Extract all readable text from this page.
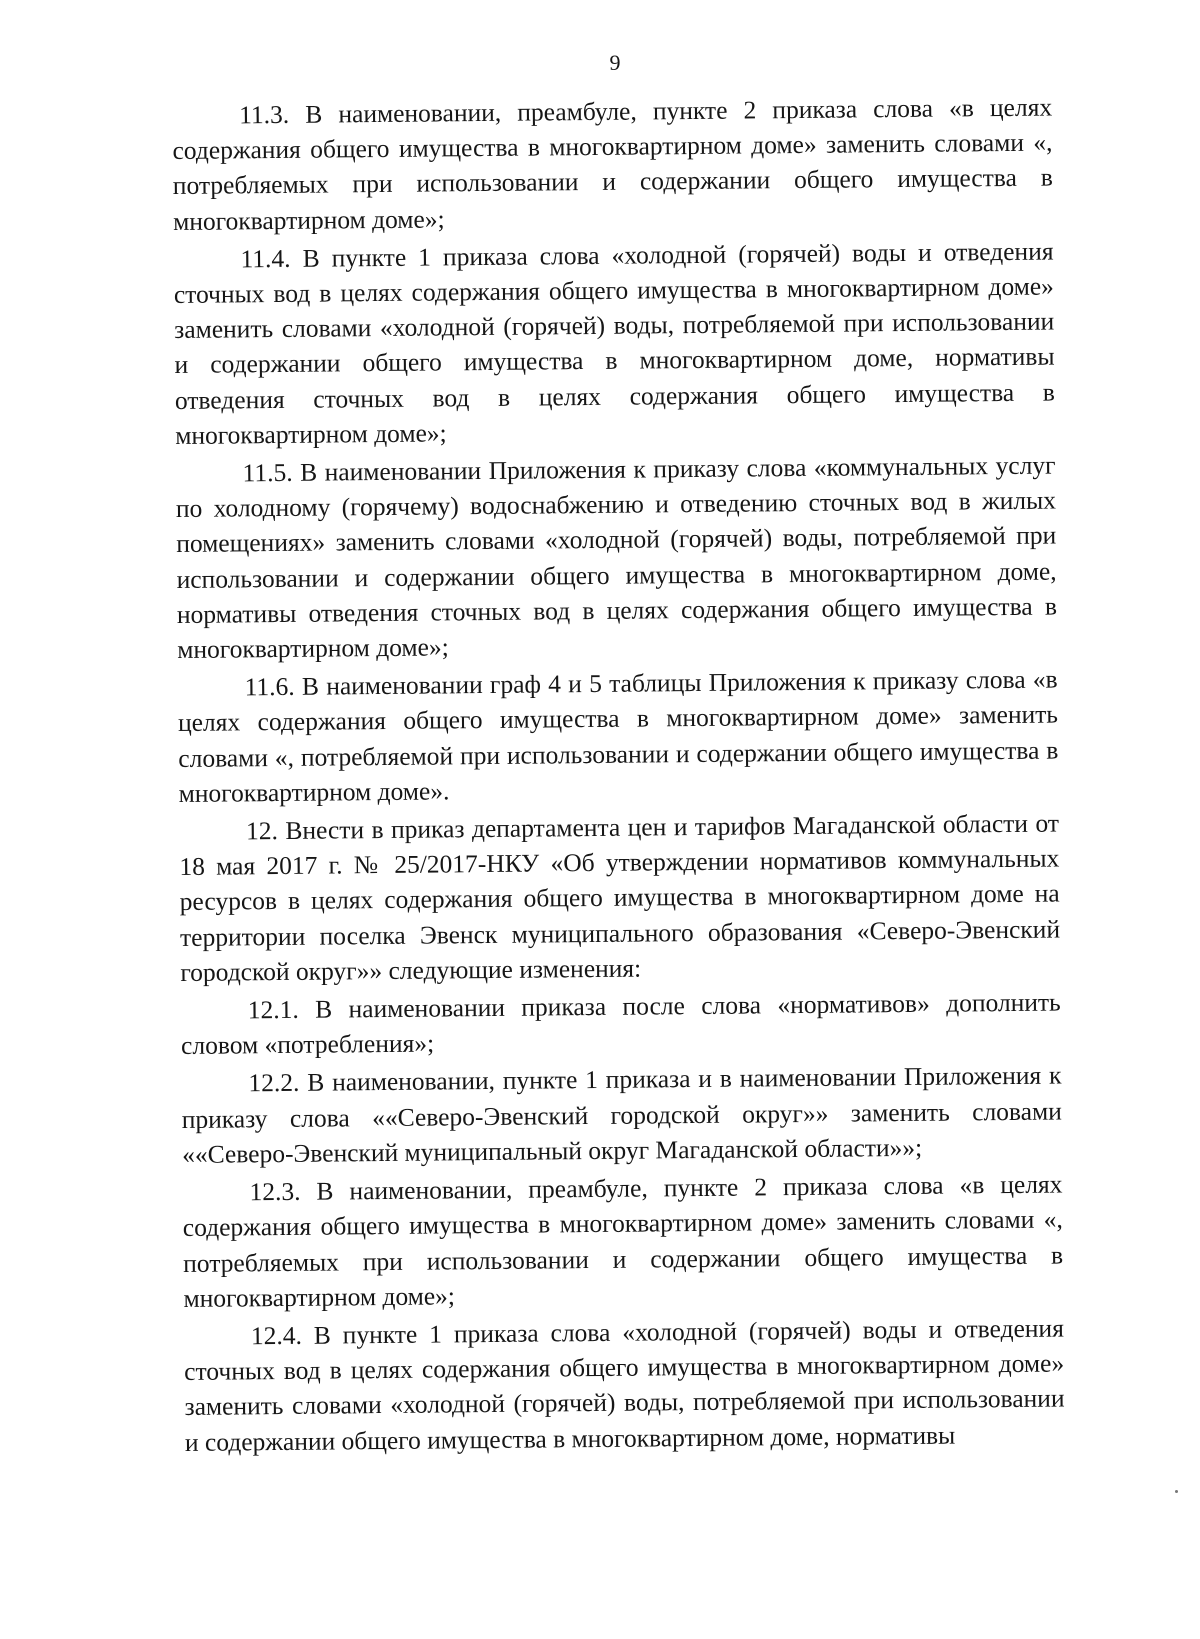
9

11.3. В наименовании, преамбуле, пункте 2 приказа слова «в целях содержания общего имущества в многоквартирном доме» заменить словами «, потребляемых при использовании и содержании общего имущества в многоквартирном доме»;

11.4. В пункте 1 приказа слова «холодной (горячей) воды и отведения сточных вод в целях содержания общего имущества в многоквартирном доме» заменить словами «холодной (горячей) воды, потребляемой при использовании и содержании общего имущества в многоквартирном доме, нормативы отведения сточных вод в целях содержания общего имущества в многоквартирном доме»;

11.5. В наименовании Приложения к приказу слова «коммунальных услуг по холодному (горячему) водоснабжению и отведению сточных вод в жилых помещениях» заменить словами «холодной (горячей) воды, потребляемой при использовании и содержании общего имущества в многоквартирном доме, нормативы отведения сточных вод в целях содержания общего имущества в многоквартирном доме»;

11.6. В наименовании граф 4 и 5 таблицы Приложения к приказу слова «в целях содержания общего имущества в многоквартирном доме» заменить словами «, потребляемой при использовании и содержании общего имущества в многоквартирном доме».

12. Внести в приказ департамента цен и тарифов Магаданской области от 18 мая 2017 г. № 25/2017-НКУ «Об утверждении нормативов коммунальных ресурсов в целях содержания общего имущества в многоквартирном доме на территории поселка Эвенск муниципального образования «Северо-Эвенский городской округ»» следующие изменения:

12.1. В наименовании приказа после слова «нормативов» дополнить словом «потребления»;

12.2. В наименовании, пункте 1 приказа и в наименовании Приложения к приказу слова ««Северо-Эвенский городской округ»» заменить словами ««Северо-Эвенский муниципальный округ Магаданской области»»;

12.3. В наименовании, преамбуле, пункте 2 приказа слова «в целях содержания общего имущества в многоквартирном доме» заменить словами «, потребляемых при использовании и содержании общего имущества в многоквартирном доме»;

12.4. В пункте 1 приказа слова «холодной (горячей) воды и отведения сточных вод в целях содержания общего имущества в многоквартирном доме» заменить словами «холодной (горячей) воды, потребляемой при использовании и содержании общего имущества в многоквартирном доме, нормативы
